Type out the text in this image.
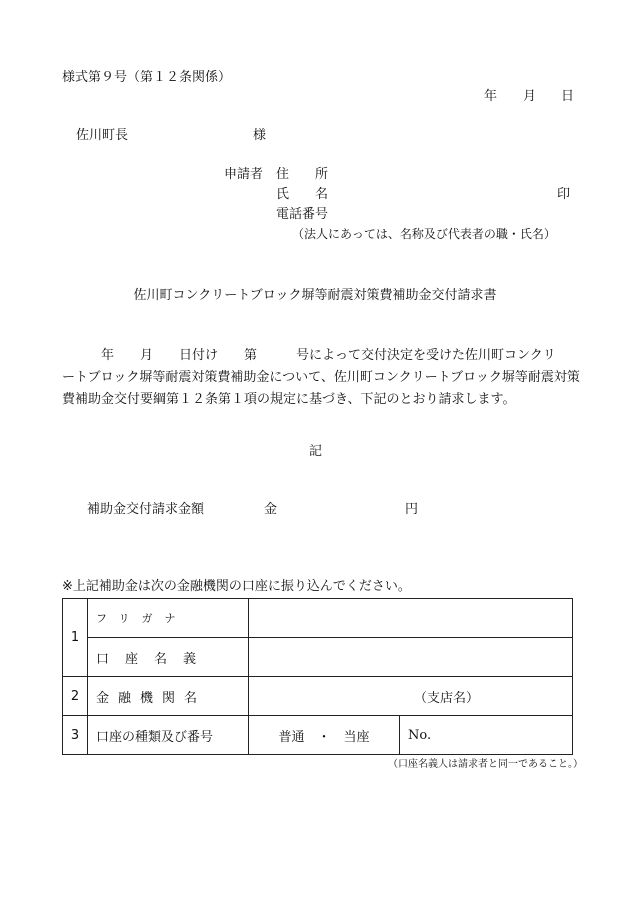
様式第９号（第１２条関係）
年 月 日
佐川町長	様
申請者 住　　所
氏　　名	印
電話番号
（法人にあっては、名称及び代表者の職・氏名）
佐川町コンクリートブロック塀等耐震対策費補助金交付請求書
　　　年　　月　　日付け　　第　　　号によって交付決定を受けた佐川町コンクリ
ートブロック塀等耐震対策費補助金について、佐川町コンクリートブロック塀等耐震対策
費補助金交付要綱第１２条第１項の規定に基づき、下記のとおり請求します。
記
補助金交付請求金額	金	円
※上記補助金は次の金融機関の口座に振り込んでください。
1	フリガナ	
	口座名義	
2	金融機関名	（支店名）

3	口座の種類及び番号	普通　・　当座 No.
（口座名義人は請求者と同一であること。）
